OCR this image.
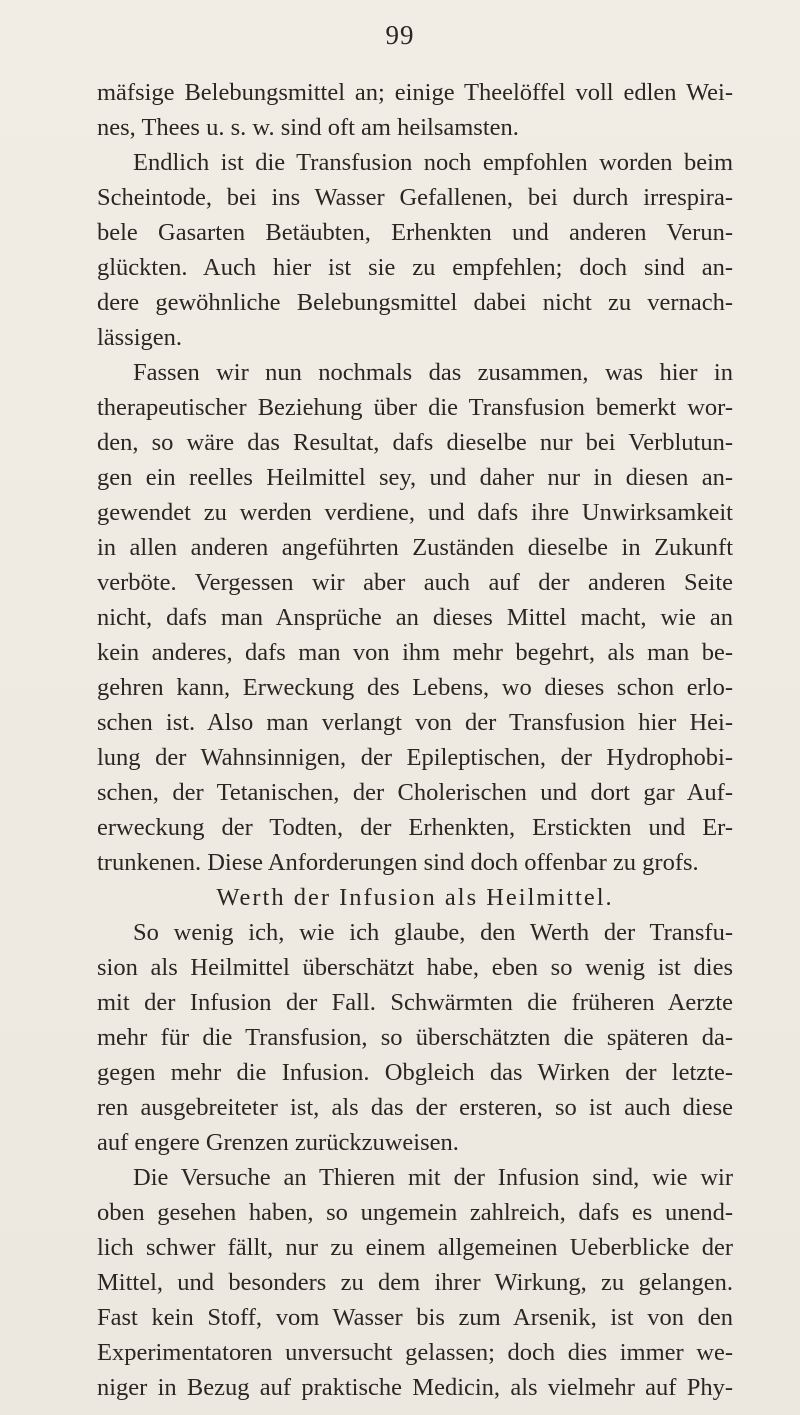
99
mäfsige Belebungsmittel an; einige Theelöffel voll edlen Wei-
nes, Thees u. s. w. sind oft am heilsamsten.
Endlich ist die Transfusion noch empfohlen worden beim
Scheintode, bei ins Wasser Gefallenen, bei durch irrespira-
bele Gasarten Betäubten, Erhenkten und anderen Verun-
glückten. Auch hier ist sie zu empfehlen; doch sind an-
dere gewöhnliche Belebungsmittel dabei nicht zu vernach-
lässigen.
Fassen wir nun nochmals das zusammen, was hier in
therapeutischer Beziehung über die Transfusion bemerkt wor-
den, so wäre das Resultat, dafs dieselbe nur bei Verblutun-
gen ein reelles Heilmittel sey, und daher nur in diesen an-
gewendet zu werden verdiene, und dafs ihre Unwirksamkeit
in allen anderen angeführten Zuständen dieselbe in Zukunft
verböte. Vergessen wir aber auch auf der anderen Seite
nicht, dafs man Ansprüche an dieses Mittel macht, wie an
kein anderes, dafs man von ihm mehr begehrt, als man be-
gehren kann, Erweckung des Lebens, wo dieses schon erlo-
schen ist. Also man verlangt von der Transfusion hier Hei-
lung der Wahnsinnigen, der Epileptischen, der Hydrophobi-
schen, der Tetanischen, der Cholerischen und dort gar Auf-
erweckung der Todten, der Erhenkten, Erstickten und Er-
trunkenen. Diese Anforderungen sind doch offenbar zu grofs.
Werth der Infusion als Heilmittel.
So wenig ich, wie ich glaube, den Werth der Transfu-
sion als Heilmittel überschätzt habe, eben so wenig ist dies
mit der Infusion der Fall. Schwärmten die früheren Aerzte
mehr für die Transfusion, so überschätzten die späteren da-
gegen mehr die Infusion. Obgleich das Wirken der letzte-
ren ausgebreiteter ist, als das der ersteren, so ist auch diese
auf engere Grenzen zurückzuweisen.
Die Versuche an Thieren mit der Infusion sind, wie wir
oben gesehen haben, so ungemein zahlreich, dafs es unend-
lich schwer fällt, nur zu einem allgemeinen Ueberblicke der
Mittel, und besonders zu dem ihrer Wirkung, zu gelangen.
Fast kein Stoff, vom Wasser bis zum Arsenik, ist von den
Experimentatoren unversucht gelassen; doch dies immer we-
niger in Bezug auf praktische Medicin, als vielmehr auf Phy-
